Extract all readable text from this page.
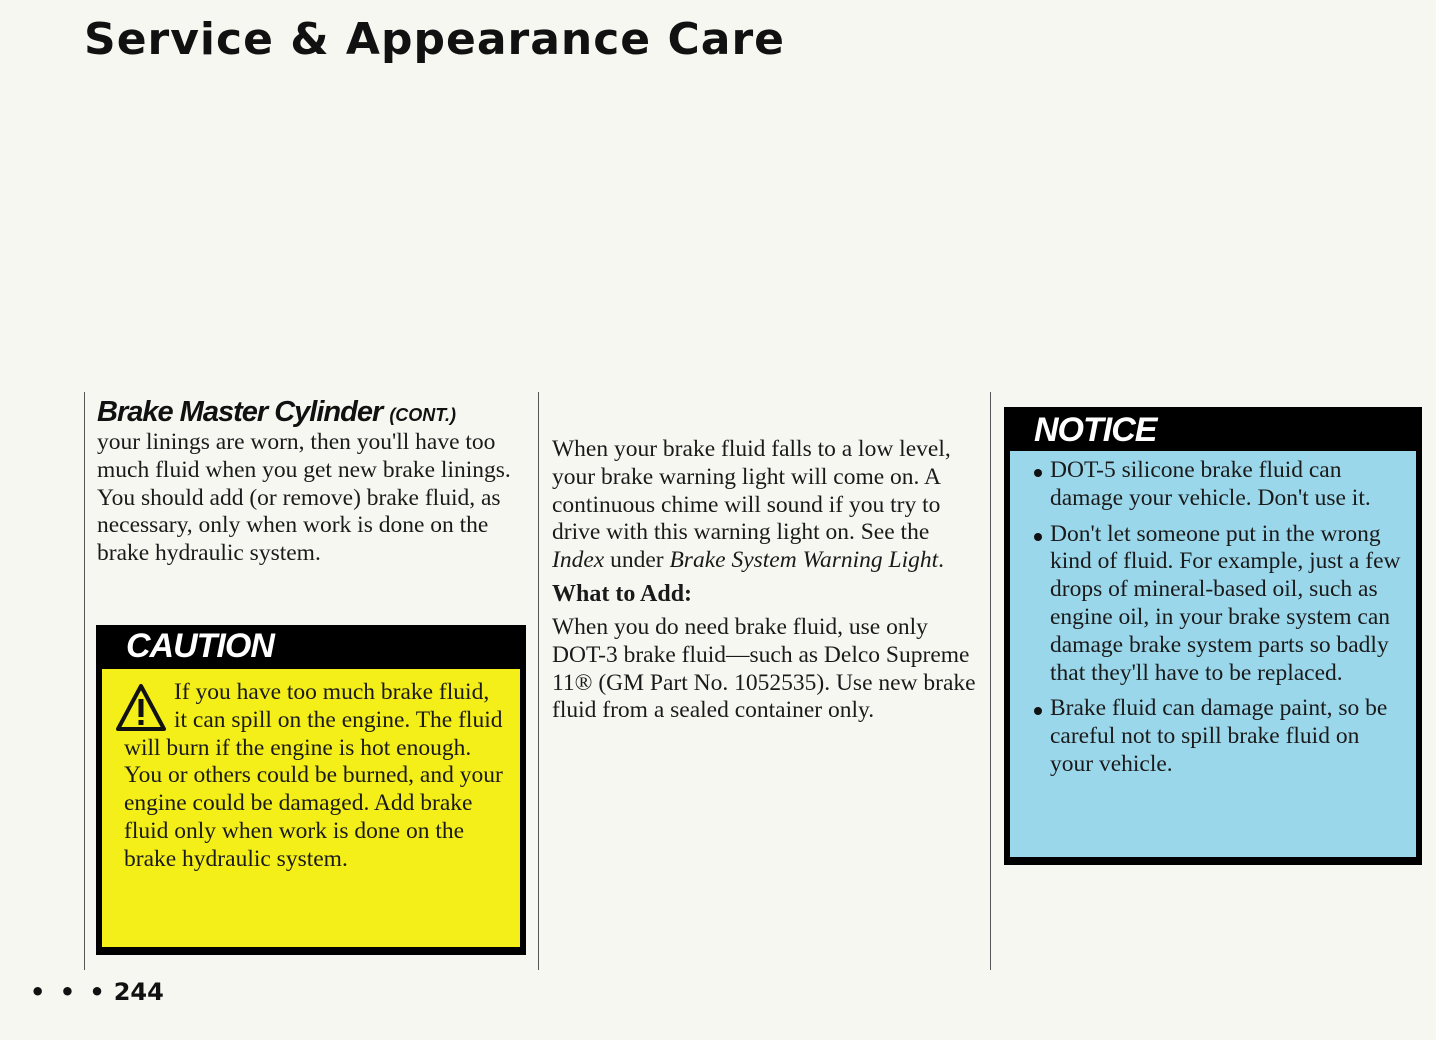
Service & Appearance Care
Brake Master Cylinder (CONT.)

your linings are worn, then you'll have too much fluid when you get new brake linings. You should add (or remove) brake fluid, as necessary, only when work is done on the brake hydraulic system.

CAUTION

If you have too much brake fluid, it can spill on the engine. The fluid will burn if the engine is hot enough. You or others could be burned, and your engine could be damaged. Add brake fluid only when work is done on the brake hydraulic system.

When your brake fluid falls to a low level, your brake warning light will come on. A continuous chime will sound if you try to drive with this warning light on. See the Index under Brake System Warning Light.

What to Add:

When you do need brake fluid, use only DOT-3 brake fluid—such as Delco Supreme 11® (GM Part No. 1052535). Use new brake fluid from a sealed container only.

NOTICE
DOT-5 silicone brake fluid can damage your vehicle. Don't use it.
Don't let someone put in the wrong kind of fluid. For example, just a few drops of mineral-based oil, such as engine oil, in your brake system can damage brake system parts so badly that they'll have to be replaced.
Brake fluid can damage paint, so be careful not to spill brake fluid on your vehicle.
• • • 244
